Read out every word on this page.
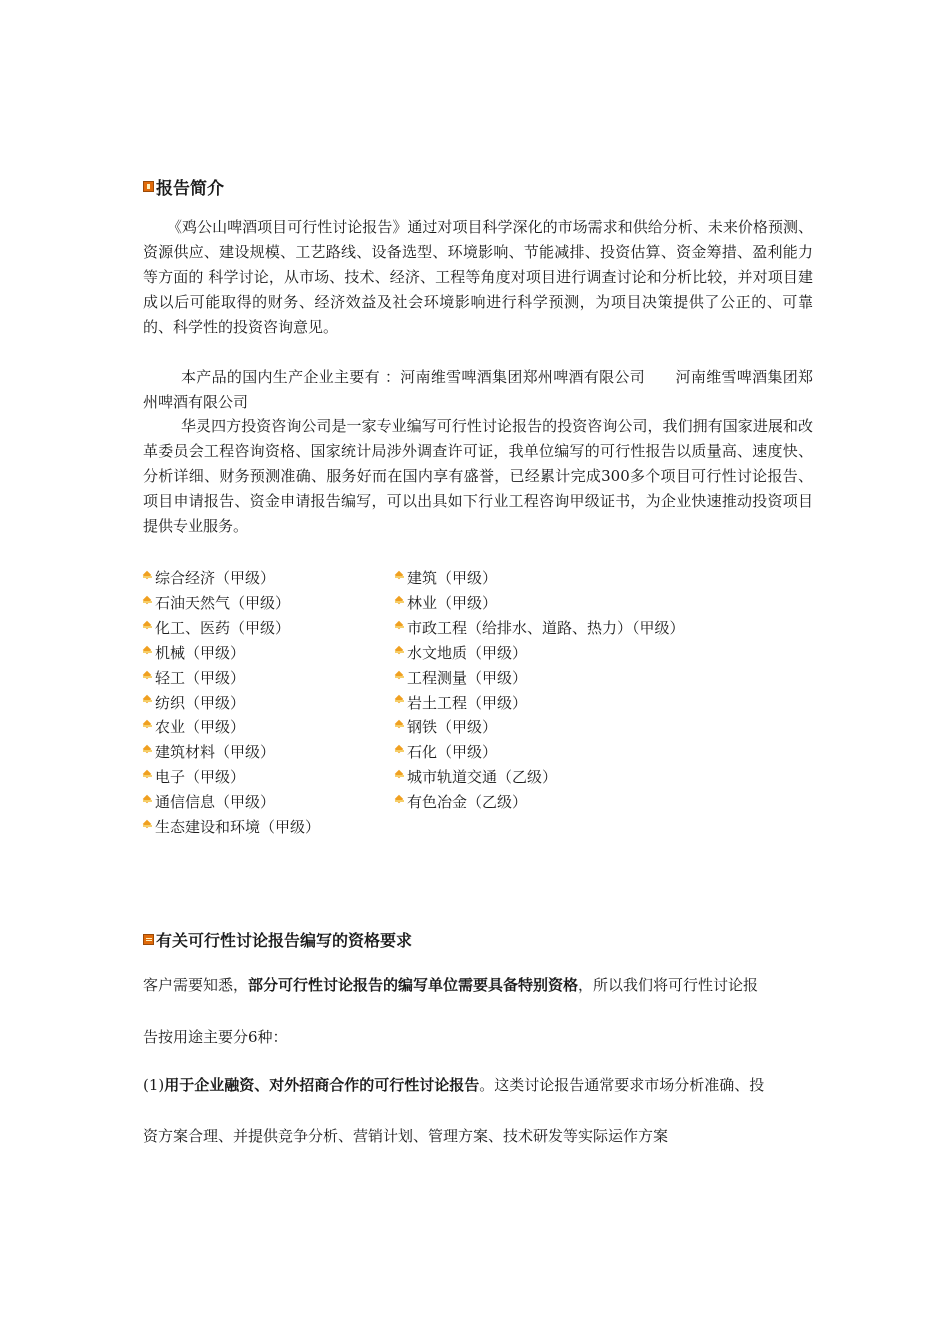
报告简介

《鸡公山啤酒项目可行性讨论报告》通过对项目科学深化的市场需求和供给分析、未来价格预测、资源供应、建设规模、工艺路线、设备选型、环境影响、节能减排、投资估算、资金筹措、盈利能力等方面的 科学讨论，从市场、技术、经济、工程等角度对项目进行调查讨论和分析比较，并对项目建成以后可能取得的财务、经济效益及社会环境影响进行科学预测，为项目决策提供了公正的、可靠的、科学性的投资咨询意见。

本产品的国内生产企业主要有 ：河南维雪啤酒集团郑州啤酒有限公司　　河南维雪啤酒集团郑州啤酒有限公司

华灵四方投资咨询公司是一家专业编写可行性讨论报告的投资咨询公司，我们拥有国家进展和改革委员会工程咨询资格、国家统计局涉外调查许可证，我单位编写的可行性报告以质量高、速度快、分析详细、财务预测准确、服务好而在国内享有盛誉，已经累计完成300多个项目可行性讨论报告、项目申请报告、资金申请报告编写，可以出具如下行业工程咨询甲级证书，为企业快速推动投资项目提供专业服务。

综合经济（甲级）
石油天然气（甲级）
化工、医药（甲级）
机械（甲级）
轻工（甲级）
纺织（甲级）
农业（甲级）
建筑材料（甲级）
电子（甲级）
通信信息（甲级）
生态建设和环境（甲级）
建筑（甲级）
林业（甲级）
市政工程（给排水、道路、热力）（甲级）
水文地质（甲级）
工程测量（甲级）
岩土工程（甲级）
钢铁（甲级）
石化（甲级）
城市轨道交通（乙级）
有色冶金（乙级）
有关可行性讨论报告编写的资格要求
客户需要知悉，部分可行性讨论报告的编写单位需要具备特别资格，所以我们将可行性讨论报
告按用途主要分6种：
(1)用于企业融资、对外招商合作的可行性讨论报告。这类讨论报告通常要求市场分析准确、投
资方案合理、并提供竞争分析、营销计划、管理方案、技术研发等实际运作方案
